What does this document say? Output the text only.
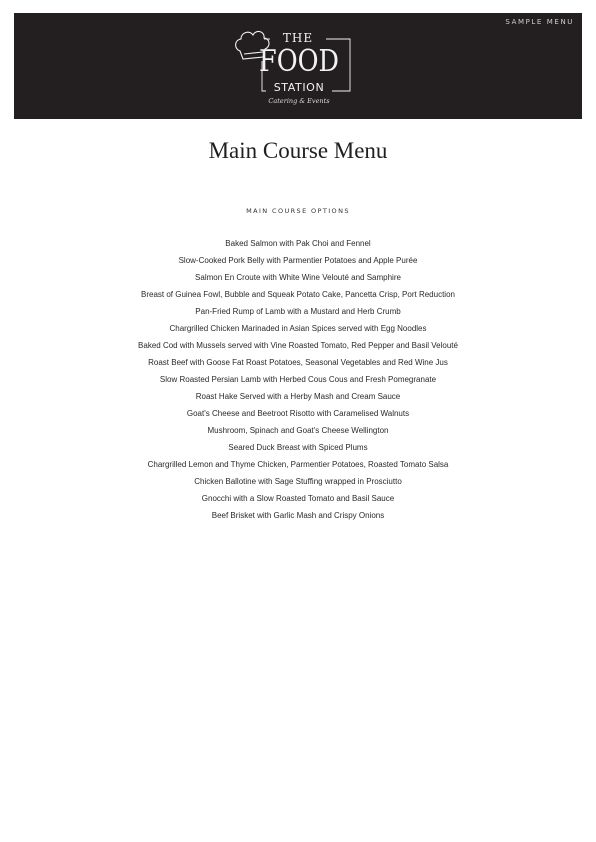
SAMPLE MENU
THE
FOOD
STATION
Catering & Events
Main Course Menu
MAIN COURSE OPTIONS
Baked Salmon with Pak Choi and Fennel
Slow-Cooked Pork Belly with Parmentier Potatoes and Apple Purée
Salmon En Croute with White Wine Velouté and Samphire
Breast of Guinea Fowl, Bubble and Squeak Potato Cake, Pancetta Crisp, Port Reduction
Pan-Fried Rump of Lamb with a Mustard and Herb Crumb
Chargrilled Chicken Marinaded in Asian Spices served with Egg Noodles
Baked Cod with Mussels served with Vine Roasted Tomato, Red Pepper and Basil Velouté
Roast Beef with Goose Fat Roast Potatoes, Seasonal Vegetables and Red Wine Jus
Slow Roasted Persian Lamb with Herbed Cous Cous and Fresh Pomegranate
Roast Hake Served with a Herby Mash and Cream Sauce
Goat's Cheese and Beetroot Risotto with Caramelised Walnuts
Mushroom, Spinach and Goat's Cheese Wellington
Seared Duck Breast with Spiced Plums
Chargrilled Lemon and Thyme Chicken, Parmentier Potatoes, Roasted Tomato Salsa
Chicken Ballotine with Sage Stuffing wrapped in Prosciutto
Gnocchi with a Slow Roasted Tomato and Basil Sauce
Beef Brisket with Garlic Mash and Crispy Onions
